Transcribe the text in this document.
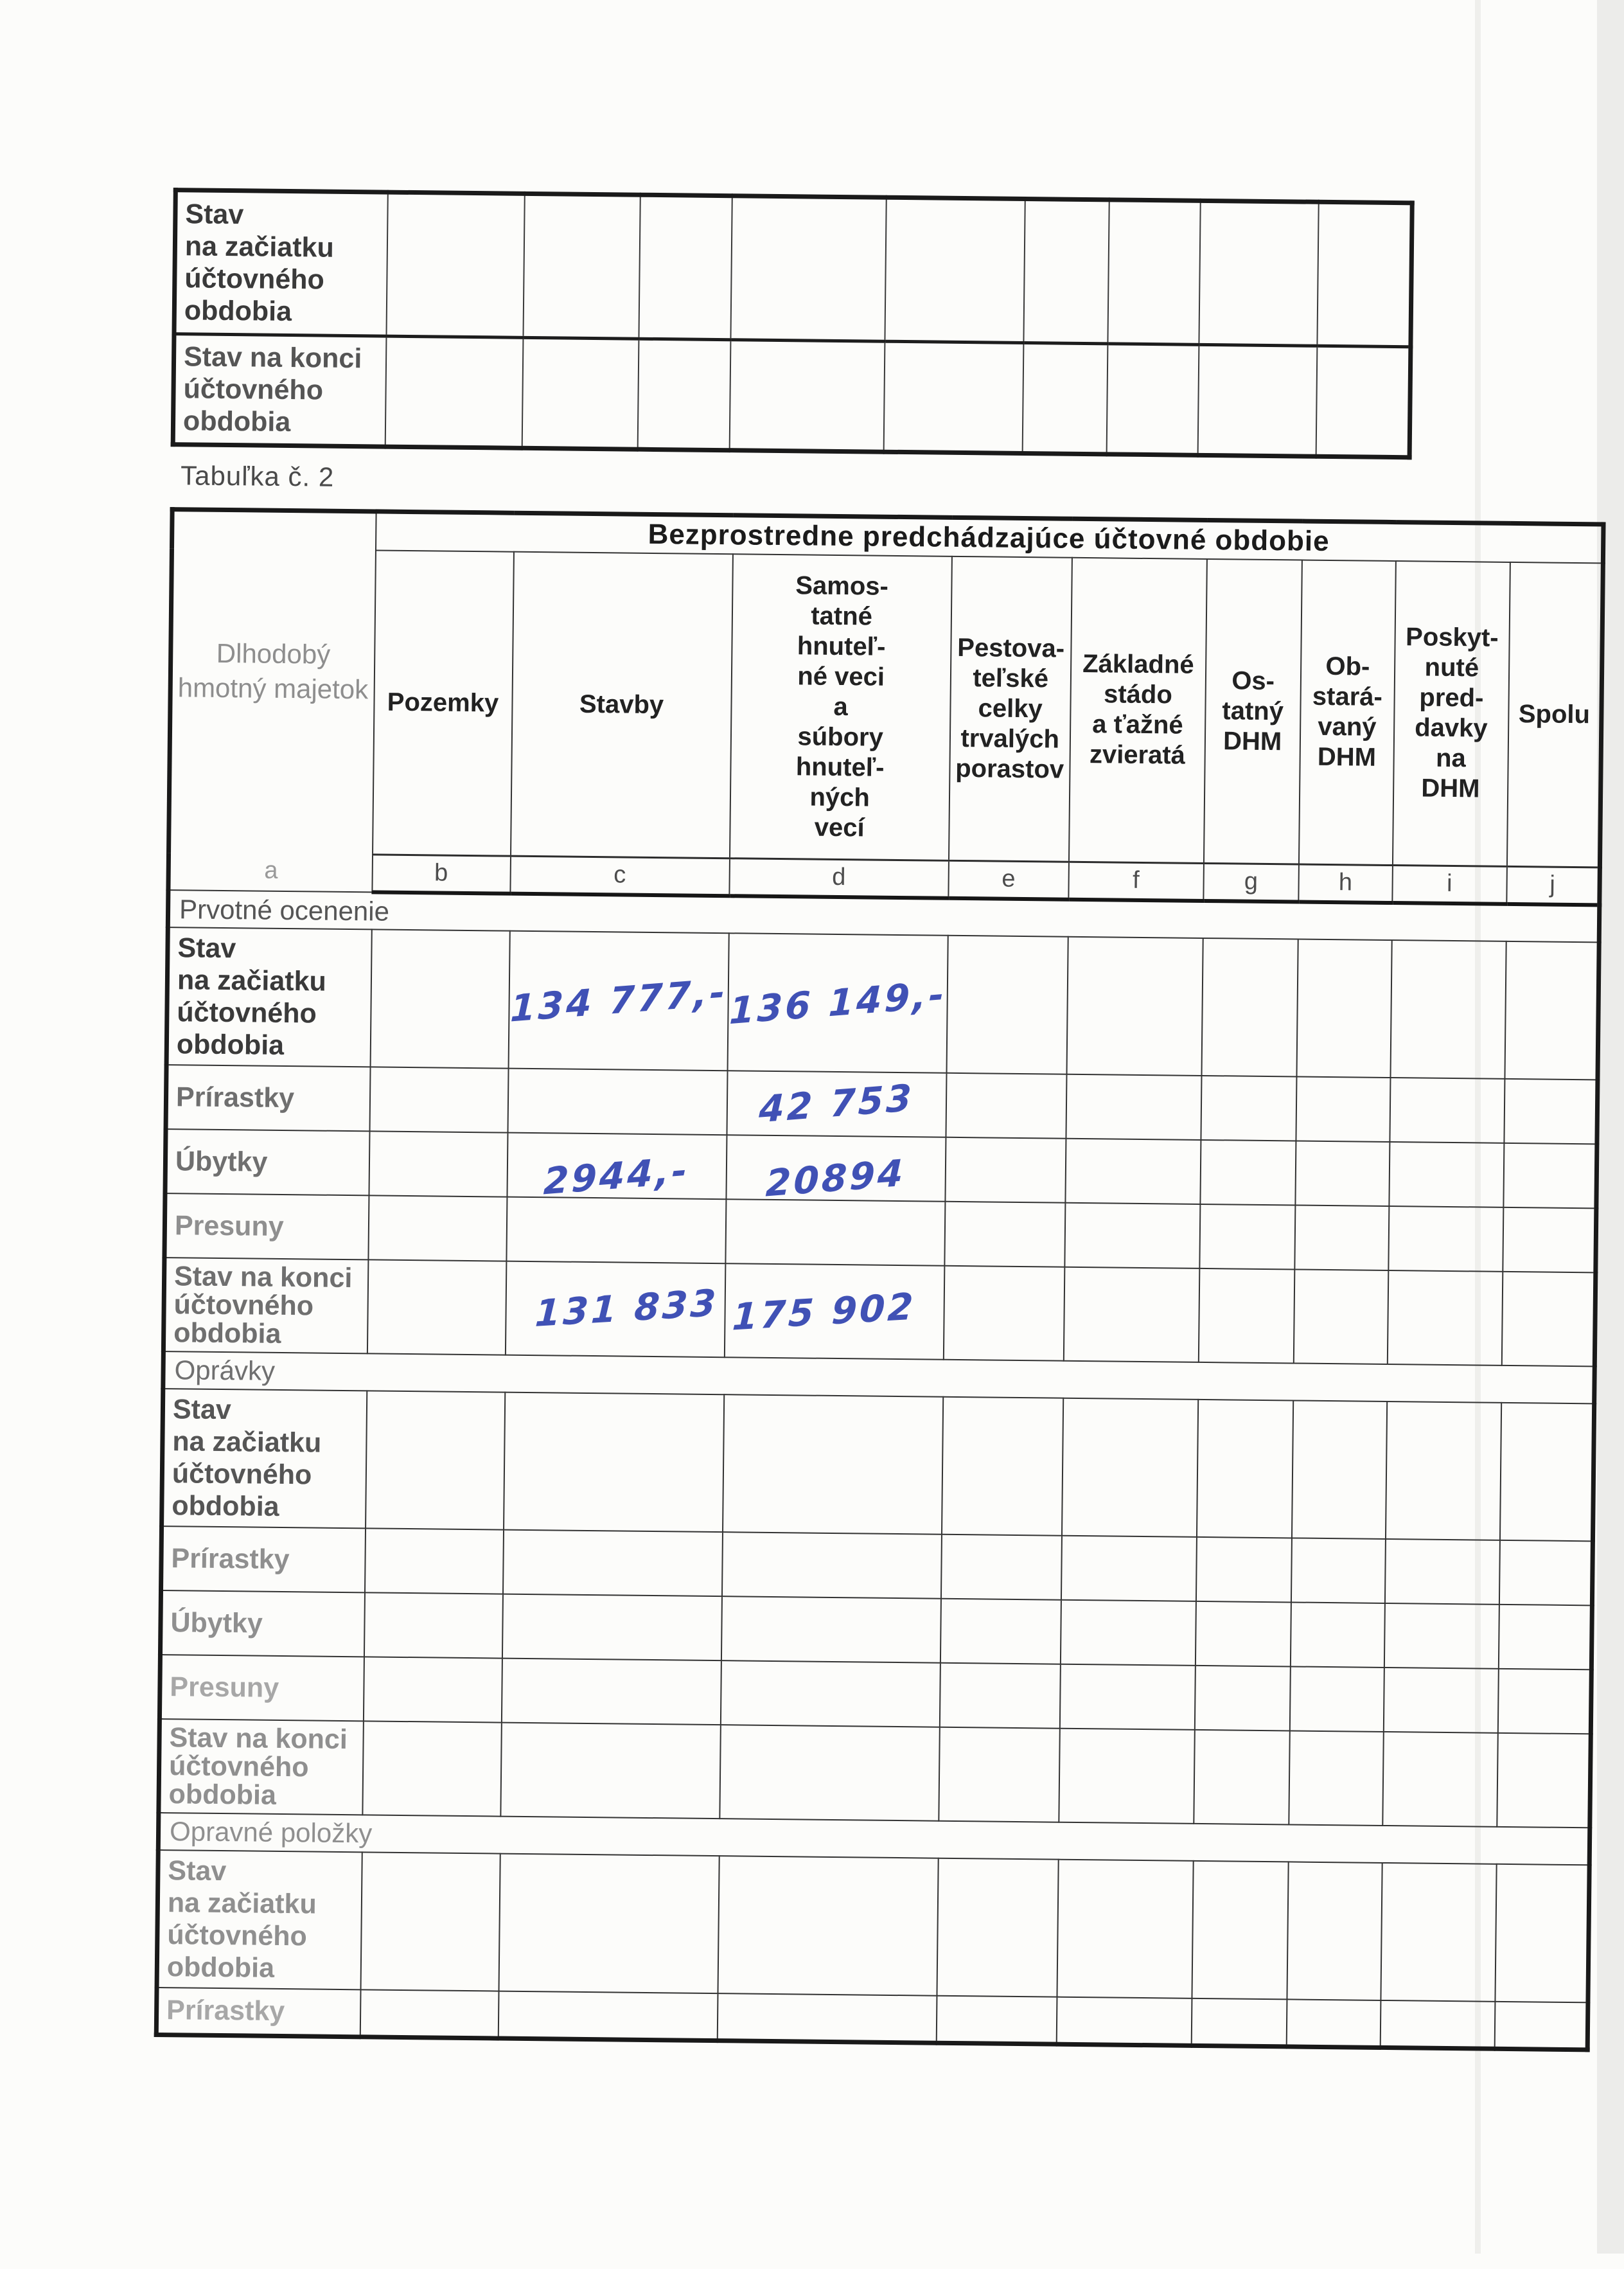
Stav
na začiatku
účtovného
obdobia									
Stav na konci
účtovného
obdobia									
Tabuľka č. 2
Dlhodobý
hmotný majetok
a	Bezprostredne predchádzajúce účtovné obdobie								
Pozemky	Stavby	Samos-
tatné
hnuteľ-
né veci
a
súbory
hnuteľ-
ných
vecí	Pestova-
teľské
celky
trvalých
porastov	Základné
stádo
a ťažné
zvieratá	Os-
tatný
DHM	Ob-
stará-
vaný
DHM	Poskyt-
nuté
pred-
davky
na
DHM	Spolu
	b	c	d	e	f	g	h	i	j
Prvotné ocenenie									
Stav
na začiatku
účtovného
obdobia		134 777,-	136 149,-						
Prírastky			42 753						
Úbytky		2944,-	20894						
Presuny									
Stav na konci
účtovného
obdobia		131 833	175 902						
Oprávky									
Stav
na začiatku
účtovného
obdobia									
Prírastky									
Úbytky									
Presuny									
Stav na konci
účtovného
obdobia									
Opravné položky									
Stav
na začiatku
účtovného
obdobia									
Prírastky									
